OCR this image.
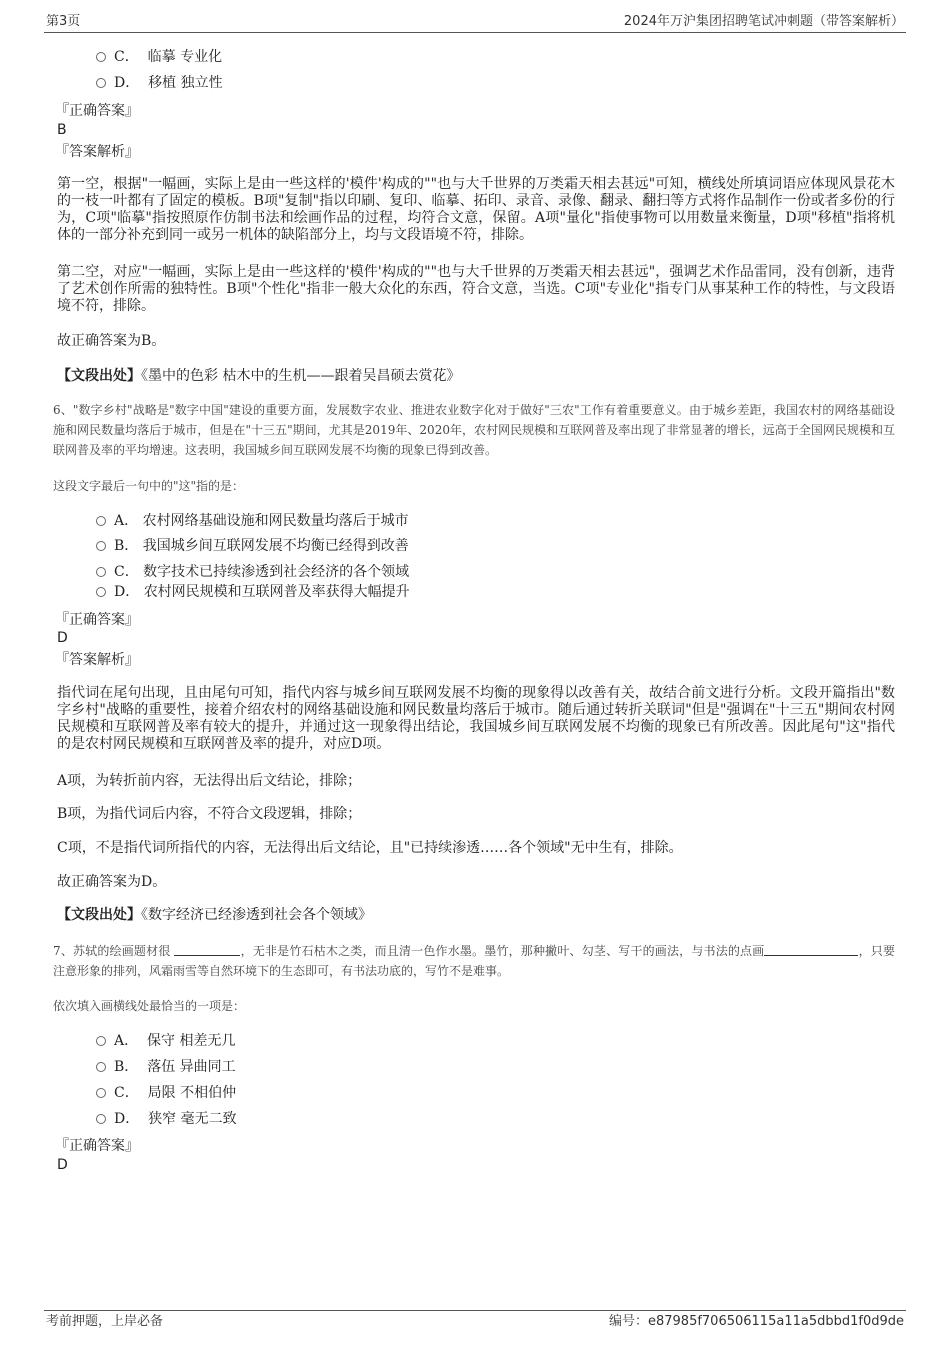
第3页	2024年万沪集团招聘笔试冲刺题（带答案解析）
C． 临摹 专业化
D． 移植 独立性
『正确答案』
B
『答案解析』
第一空，根据"一幅画，实际上是由一些这样的'模件'构成的""也与大千世界的万类霜天相去甚远"可知，横线处所填词语应体现风景花木的一枝一叶都有了固定的模板。B项"复制"指以印刷、复印、临摹、拓印、录音、录像、翻录、翻扫等方式将作品制作一份或者多份的行为，C项"临摹"指按照原作仿制书法和绘画作品的过程，均符合文意，保留。A项"量化"指使事物可以用数量来衡量，D项"移植"指将机体的一部分补充到同一或另一机体的缺陷部分上，均与文段语境不符，排除。
第二空，对应"一幅画，实际上是由一些这样的'模件'构成的""也与大千世界的万类霜天相去甚远"，强调艺术作品雷同，没有创新，违背了艺术创作所需的独特性。B项"个性化"指非一般大众化的东西，符合文意，当选。C项"专业化"指专门从事某种工作的特性，与文段语境不符，排除。
故正确答案为B。
【文段出处】《墨中的色彩 枯木中的生机——跟着吴昌硕去赏花》
6、"数字乡村"战略是"数字中国"建设的重要方面，发展数字农业、推进农业数字化对于做好"三农"工作有着重要意义。由于城乡差距，我国农村的网络基础设施和网民数量均落后于城市，但是在"十三五"期间，尤其是2019年、2020年，农村网民规模和互联网普及率出现了非常显著的增长，远高于全国网民规模和互联网普及率的平均增速。这表明，我国城乡间互联网发展不均衡的现象已得到改善。
这段文字最后一句中的"这"指的是：
A． 农村网络基础设施和网民数量均落后于城市
B． 我国城乡间互联网发展不均衡已经得到改善
C． 数字技术已持续渗透到社会经济的各个领域
D． 农村网民规模和互联网普及率获得大幅提升
『正确答案』
D
『答案解析』
指代词在尾句出现，且由尾句可知，指代内容与城乡间互联网发展不均衡的现象得以改善有关，故结合前文进行分析。文段开篇指出"数字乡村"战略的重要性，接着介绍农村的网络基础设施和网民数量均落后于城市。随后通过转折关联词"但是"强调在"十三五"期间农村网民规模和互联网普及率有较大的提升，并通过这一现象得出结论，我国城乡间互联网发展不均衡的现象已有所改善。因此尾句"这"指代的是农村网民规模和互联网普及率的提升，对应D项。
A项，为转折前内容，无法得出后文结论，排除；
B项，为指代词后内容，不符合文段逻辑，排除；
C项，不是指代词所指代的内容，无法得出后文结论，且"已持续渗透……各个领域"无中生有，排除。
故正确答案为D。
【文段出处】《数字经济已经渗透到社会各个领域》
7、苏轼的绘画题材很	，无非是竹石枯木之类，而且清一色作水墨。墨竹，那种撇叶、勾茎、写干的画法，与书法的点画	，只要注意形象的排列，风霜雨雪等自然环境下的生态即可，有书法功底的，写竹不是难事。
依次填入画横线处最恰当的一项是：
A． 保守 相差无几
B． 落伍 异曲同工
C． 局限 不相伯仲
D． 狭窄 毫无二致
『正确答案』
D
考前押题，上岸必备	编号：e87985f706506115a11a5dbbd1f0d9de
